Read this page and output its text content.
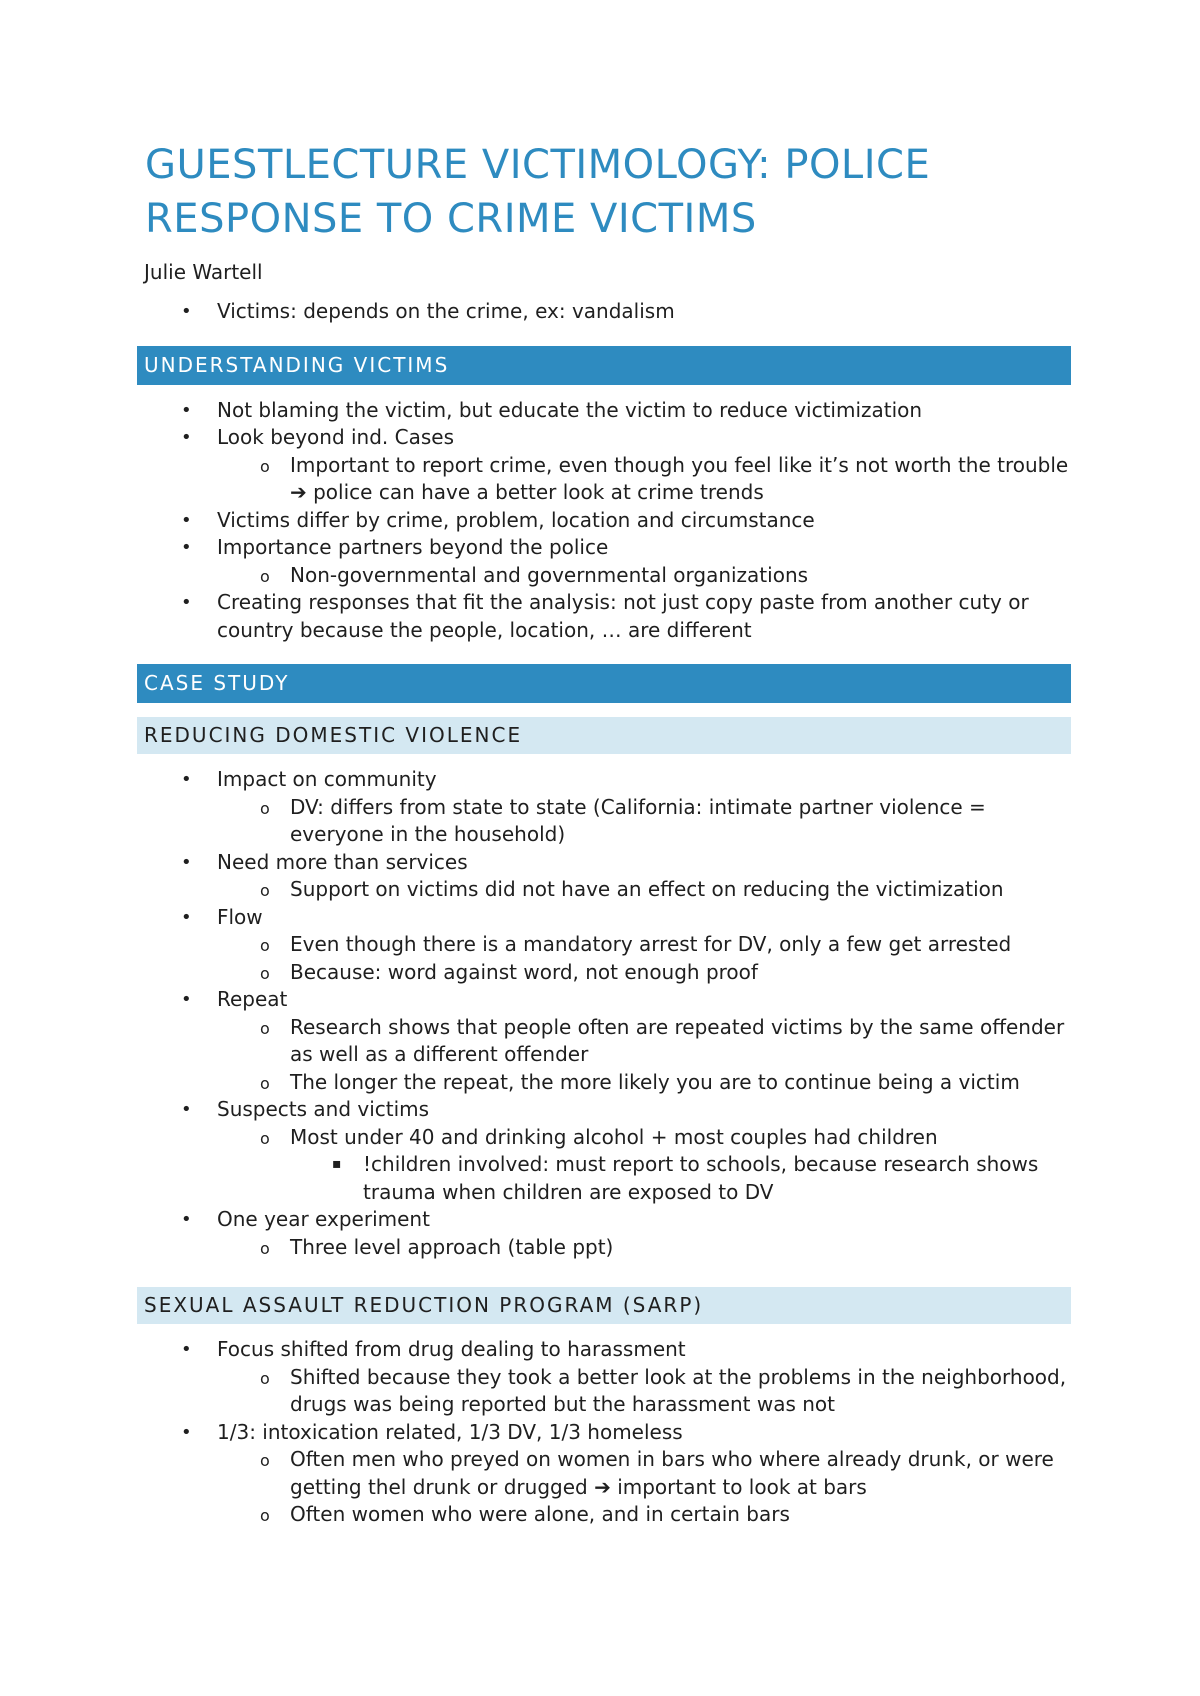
GUESTLECTURE VICTIMOLOGY: POLICE
RESPONSE TO CRIME VICTIMS
Julie Wartell
• Victims: depends on the crime, ex: vandalism
UNDERSTANDING VICTIMS
• Not blaming the victim, but educate the victim to reduce victimization
• Look beyond ind. Cases
o Important to report crime, even though you feel like it’s not worth the trouble ➔ police can have a better look at crime trends
• Victims differ by crime, problem, location and circumstance
• Importance partners beyond the police
o Non-governmental and governmental organizations
• Creating responses that fit the analysis: not just copy paste from another cuty or country because the people, location, … are different
CASE STUDY
REDUCING DOMESTIC VIOLENCE
• Impact on community
o DV: differs from state to state (California: intimate partner violence = everyone in the household)
• Need more than services
o Support on victims did not have an effect on reducing the victimization
• Flow
o Even though there is a mandatory arrest for DV, only a few get arrested
o Because: word against word, not enough proof
• Repeat
o Research shows that people often are repeated victims by the same offender as well as a different offender
o The longer the repeat, the more likely you are to continue being a victim
• Suspects and victims
o Most under 40 and drinking alcohol + most couples had children
▪ !children involved: must report to schools, because research shows trauma when children are exposed to DV
• One year experiment
o Three level approach (table ppt)
SEXUAL ASSAULT REDUCTION PROGRAM (SARP)
• Focus shifted from drug dealing to harassment
o Shifted because they took a better look at the problems in the neighborhood, drugs was being reported but the harassment was not
• 1/3: intoxication related, 1/3 DV, 1/3 homeless
o Often men who preyed on women in bars who where already drunk, or were getting thel drunk or drugged ➔ important to look at bars
o Often women who were alone, and in certain bars
